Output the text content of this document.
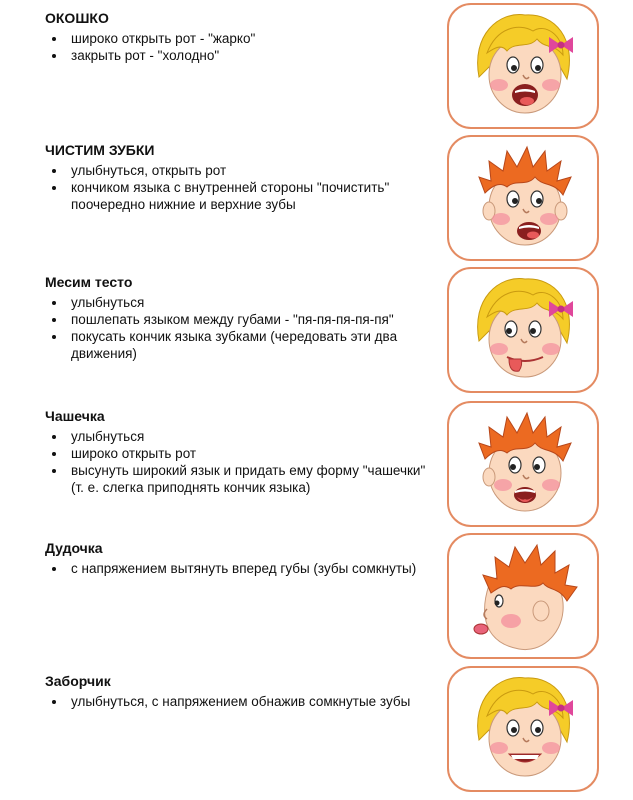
ОКОШКО
широко открыть рот - "жарко"
закрыть рот - "холодно"
ЧИСТИМ ЗУБКИ
улыбнуться, открыть рот
кончиком языка с внутренней стороны "почистить" поочередно нижние и верхние зубы
Месим тесто
улыбнуться
пошлепать языком между губами - "пя-пя-пя-пя-пя"
покусать кончик языка зубками (чередовать эти два движения)
Чашечка
улыбнуться
широко открыть рот
высунуть широкий язык и придать ему форму "чашечки" (т. е. слегка приподнять кончик языка)
Дудочка
с напряжением вытянуть вперед губы (зубы сомкнуты)
Заборчик
улыбнуться, с напряжением обнажив сомкнутые зубы
